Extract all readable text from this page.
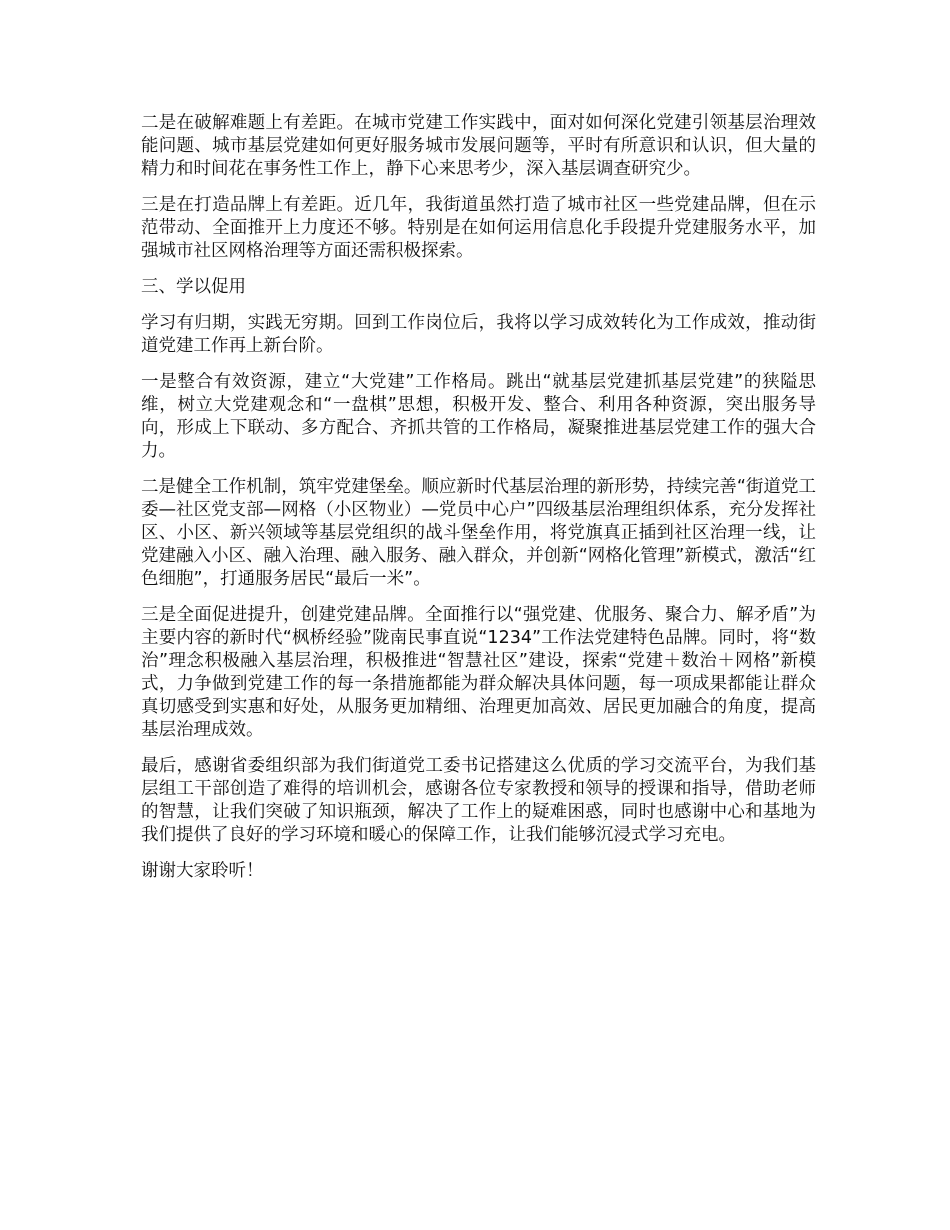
二是在破解难题上有差距。在城市党建工作实践中，面对如何深化党建引领基层治理效能问题、城市基层党建如何更好服务城市发展问题等，平时有所意识和认识，但大量的精力和时间花在事务性工作上，静下心来思考少，深入基层调查研究少。

三是在打造品牌上有差距。近几年，我街道虽然打造了城市社区一些党建品牌，但在示范带动、全面推开上力度还不够。特别是在如何运用信息化手段提升党建服务水平，加强城市社区网格治理等方面还需积极探索。

三、学以促用

学习有归期，实践无穷期。回到工作岗位后，我将以学习成效转化为工作成效，推动街道党建工作再上新台阶。

一是整合有效资源，建立“大党建”工作格局。跳出“就基层党建抓基层党建”的狭隘思维，树立大党建观念和“一盘棋”思想，积极开发、整合、利用各种资源，突出服务导向，形成上下联动、多方配合、齐抓共管的工作格局，凝聚推进基层党建工作的强大合力。

二是健全工作机制，筑牢党建堡垒。顺应新时代基层治理的新形势，持续完善“街道党工委—社区党支部—网格（小区物业）—党员中心户”四级基层治理组织体系，充分发挥社区、小区、新兴领域等基层党组织的战斗堡垒作用，将党旗真正插到社区治理一线，让党建融入小区、融入治理、融入服务、融入群众，并创新“网格化管理”新模式，激活“红色细胞”，打通服务居民“最后一米”。

三是全面促进提升，创建党建品牌。全面推行以“强党建、优服务、聚合力、解矛盾”为主要内容的新时代“枫桥经验”陇南民事直说“1234”工作法党建特色品牌。同时，将“数治”理念积极融入基层治理，积极推进“智慧社区”建设，探索“党建＋数治＋网格”新模式，力争做到党建工作的每一条措施都能为群众解决具体问题，每一项成果都能让群众真切感受到实惠和好处，从服务更加精细、治理更加高效、居民更加融合的角度，提高基层治理成效。

最后，感谢省委组织部为我们街道党工委书记搭建这么优质的学习交流平台，为我们基层组工干部创造了难得的培训机会，感谢各位专家教授和领导的授课和指导，借助老师的智慧，让我们突破了知识瓶颈，解决了工作上的疑难困惑，同时也感谢中心和基地为我们提供了良好的学习环境和暖心的保障工作，让我们能够沉浸式学习充电。

谢谢大家聆听！
